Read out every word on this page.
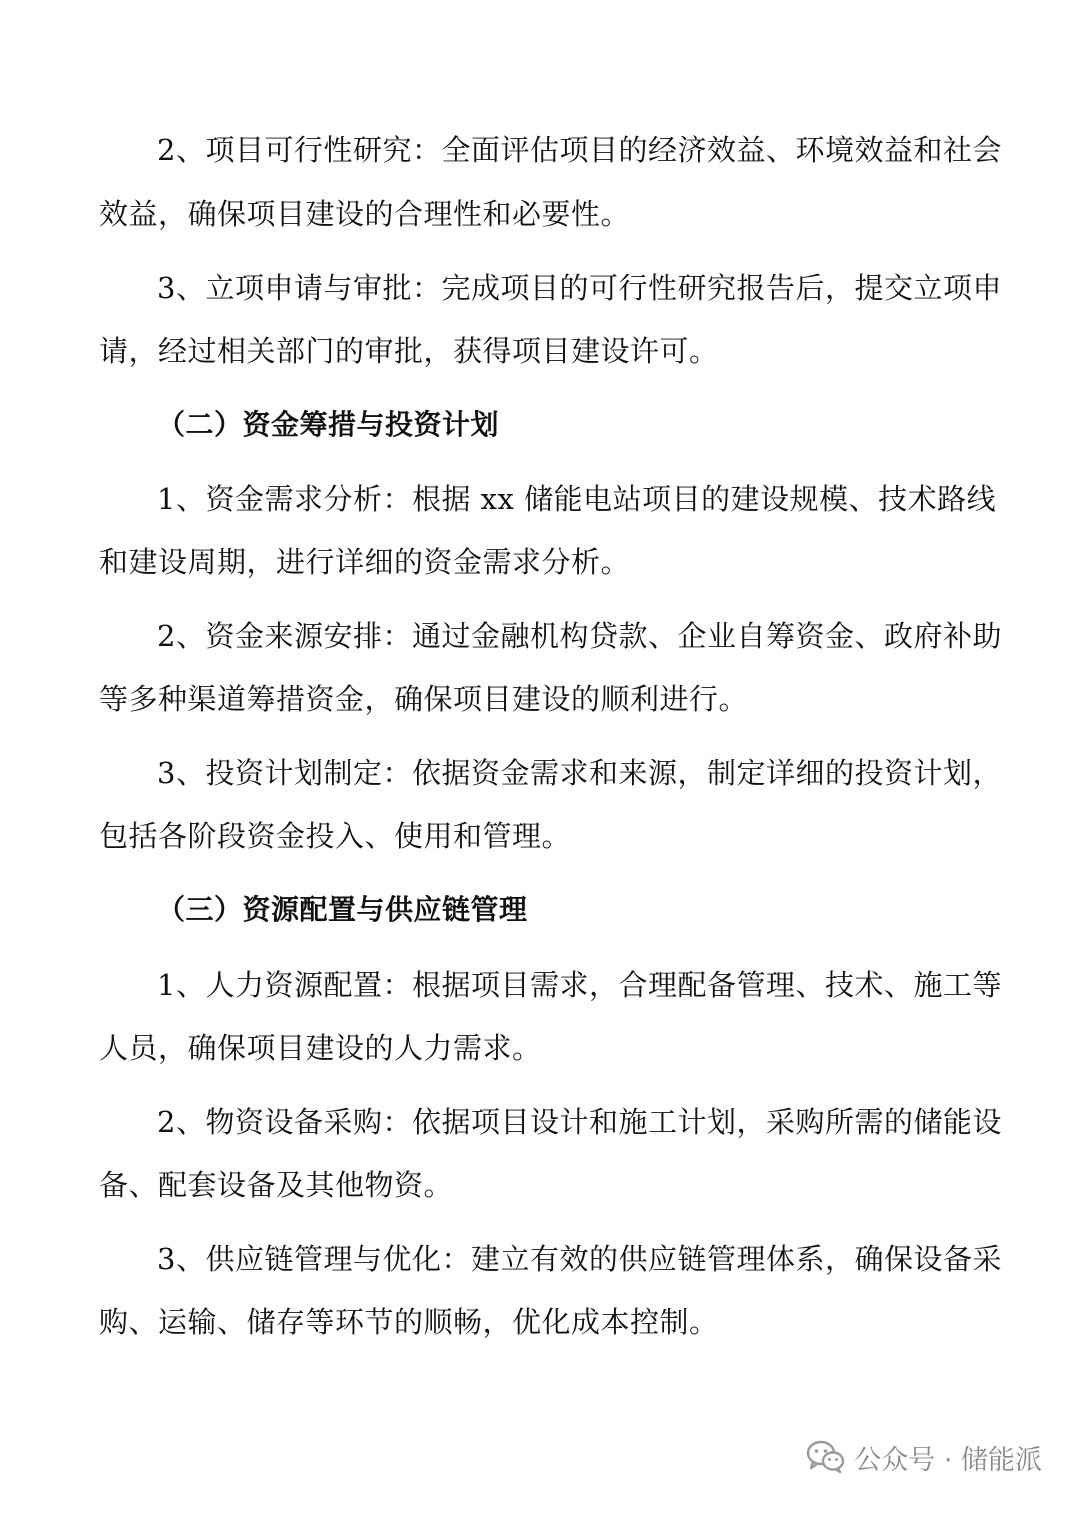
2、项目可行性研究：全面评估项目的经济效益、环境效益和社会
效益，确保项目建设的合理性和必要性。
3、立项申请与审批：完成项目的可行性研究报告后，提交立项申
请，经过相关部门的审批，获得项目建设许可。
（二）资金筹措与投资计划
1、资金需求分析：根据 xx 储能电站项目的建设规模、技术路线
和建设周期，进行详细的资金需求分析。
2、资金来源安排：通过金融机构贷款、企业自筹资金、政府补助
等多种渠道筹措资金，确保项目建设的顺利进行。
3、投资计划制定：依据资金需求和来源，制定详细的投资计划，
包括各阶段资金投入、使用和管理。
（三）资源配置与供应链管理
1、人力资源配置：根据项目需求，合理配备管理、技术、施工等
人员，确保项目建设的人力需求。
2、物资设备采购：依据项目设计和施工计划，采购所需的储能设
备、配套设备及其他物资。
3、供应链管理与优化：建立有效的供应链管理体系，确保设备采
购、运输、储存等环节的顺畅，优化成本控制。
公众号 · 储能派
